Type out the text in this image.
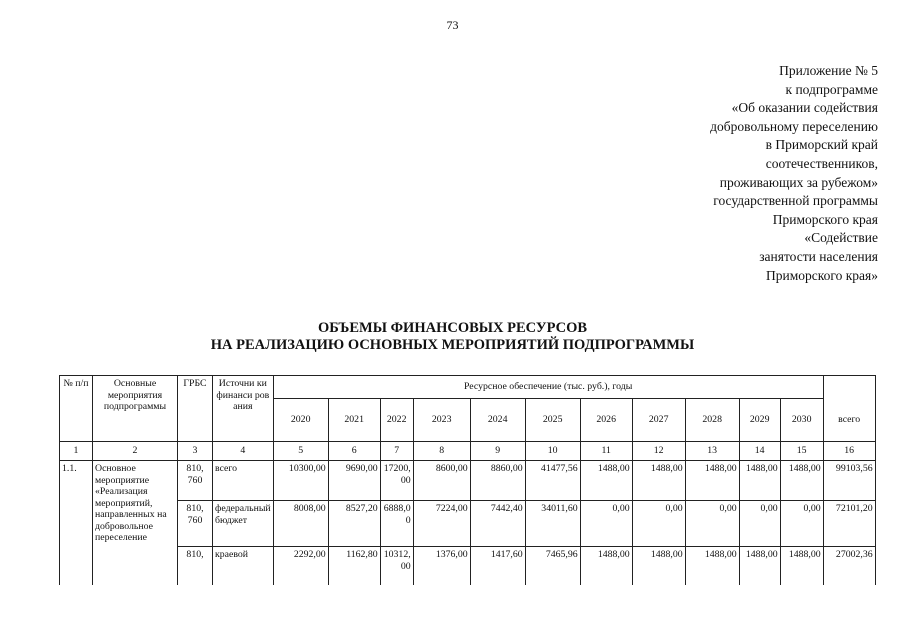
73
Приложение № 5
к подпрограмме
«Об оказании содействия
добровольному переселению
в Приморский край
соотечественников,
проживающих за рубежом»
государственной программы
Приморского края
«Содействие
занятости населения
Приморского края»
ОБЪЕМЫ ФИНАНСОВЫХ РЕСУРСОВ
НА РЕАЛИЗАЦИЮ ОСНОВНЫХ МЕРОПРИЯТИЙ ПОДПРОГРАММЫ
№ п/п	Основные мероприятия подпрограммы	ГРБС	Источни ки финанси рования	Ресурсное обеспечение (тыс. руб.), годы											
				2020	2021	2022	2023	2024	2025	2026	2027	2028	2029	2030	всего
1	2	3	4	5	6	7	8	9	10	11	12	13	14	15	16
1.1.	Основное мероприятие «Реализация мероприятий, направленных на добровольное переселение	810, 760	всего	10300,00	9690,00	17200,00	8600,00	8860,00	41477,56	1488,00	1488,00	1488,00	1488,00	1488,00	99103,56
		810, 760	федеральный бюджет	8008,00	8527,20	6888,00	7224,00	7442,40	34011,60	0,00	0,00	0,00	0,00	0,00	72101,20
		810,	краевой	2292,00	1162,80	10312,00	1376,00	1417,60	7465,96	1488,00	1488,00	1488,00	1488,00	1488,00	27002,36
